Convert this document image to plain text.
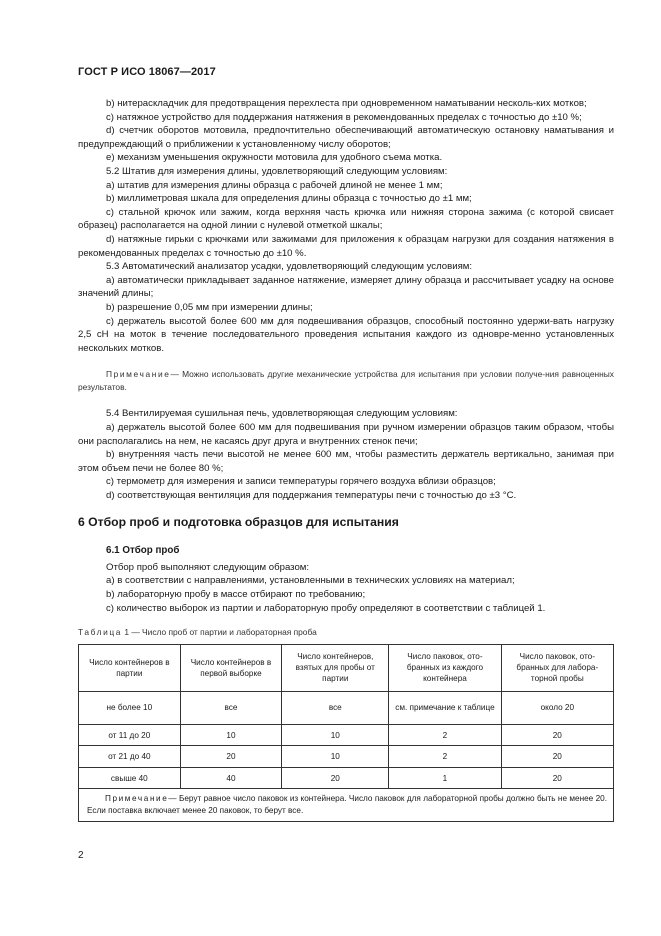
ГОСТ Р ИСО 18067—2017

b) нитераскладчик для предотвращения перехлеста при одновременном наматывании несколь-ких мотков;

c) натяжное устройство для поддержания натяжения в рекомендованных пределах с точностью до ±10 %;

d) счетчик оборотов мотовила, предпочтительно обеспечивающий автоматическую остановку наматывания и предупреждающий о приближении к установленному числу оборотов;

e) механизм уменьшения окружности мотовила для удобного съема мотка.

5.2 Штатив для измерения длины, удовлетворяющий следующим условиям:

a) штатив для измерения длины образца с рабочей длиной не менее 1 мм;

b) миллиметровая шкала для определения длины образца с точностью до ±1 мм;

c) стальной крючок или зажим, когда верхняя часть крючка или нижняя сторона зажима (с которой свисает образец) располагается на одной линии с нулевой отметкой шкалы;

d) натяжные гирьки с крючками или зажимами для приложения к образцам нагрузки для создания натяжения в рекомендованных пределах с точностью до ±10 %.

5.3 Автоматический анализатор усадки, удовлетворяющий следующим условиям:

a) автоматически прикладывает заданное натяжение, измеряет длину образца и рассчитывает усадку на основе значений длины;

b) разрешение 0,05 мм при измерении длины;

c) держатель высотой более 600 мм для подвешивания образцов, способный постоянно удержи-вать нагрузку 2,5 сН на моток в течение последовательного проведения испытания каждого из одновре-менно установленных нескольких мотков.

Примечание— Можно использовать другие механические устройства для испытания при условии получе-ния равноценных результатов.

5.4 Вентилируемая сушильная печь, удовлетворяющая следующим условиям:

a) держатель высотой более 600 мм для подвешивания при ручном измерении образцов таким образом, чтобы они располагались на нем, не касаясь друг друга и внутренних стенок печи;

b) внутренняя часть печи высотой не менее 600 мм, чтобы разместить держатель вертикально, занимая при этом объем печи не более 80 %;

c) термометр для измерения и записи температуры горячего воздуха вблизи образцов;

d) соответствующая вентиляция для поддержания температуры печи с точностью до ±3 °С.

6 Отбор проб и подготовка образцов для испытания
6.1 Отбор проб

Отбор проб выполняют следующим образом:

a) в соответствии с направлениями, установленными в технических условиях на материал;

b) лабораторную пробу в массе отбирают по требованию;

c) количество выборок из партии и лабораторную пробу определяют в соответствии с таблицей 1.

Таблица 1 — Число проб от партии и лабораторная проба
Число контейнеров в партии	Число контейнеров в первой выборке	Число контейнеров, взятых для пробы от партии	Число паковок, ото-бранных из каждого контейнера	Число паковок, ото-бранных для лабора-торной пробы
не более 10	все	все	см. примечание к таблице	около 20
от 11 до 20	10	10	2	20
от 21 до 40	20	10	2	20
свыше 40	40	20	1	20

Примечание— Берут равное число паковок из контейнера. Число паковок для лабораторной пробы должно быть не менее 20. Если поставка включает менее 20 паковок, то берут все.				
2
